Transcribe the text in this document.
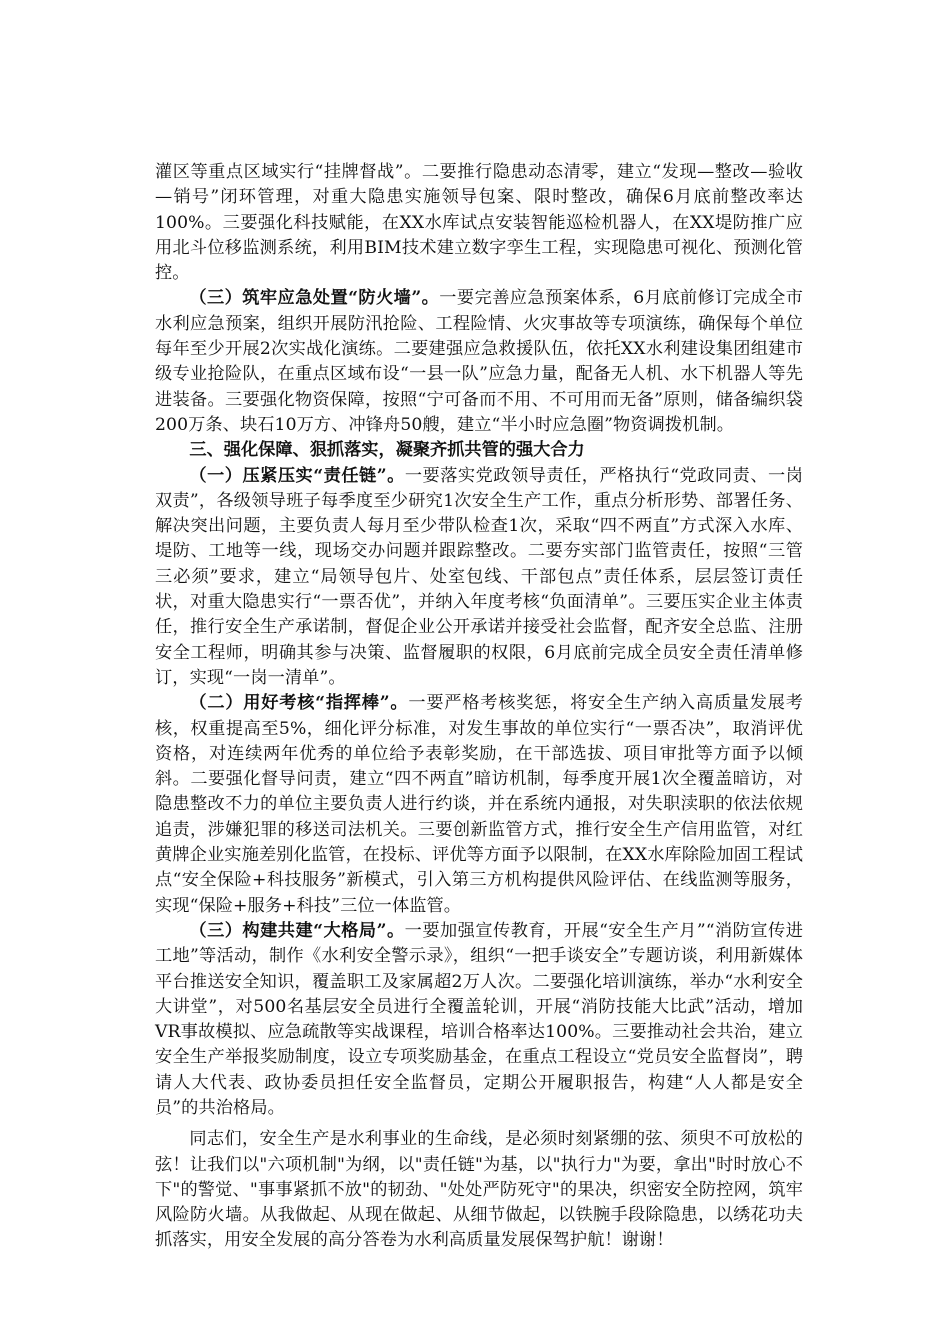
灌区等重点区域实行“挂牌督战”。二要推行隐患动态清零，建立“发现—整改—验收—销号”闭环管理，对重大隐患实施领导包案、限时整改，确保6月底前整改率达100%。三要强化科技赋能，在XX水库试点安装智能巡检机器人，在XX堤防推广应用北斗位移监测系统，利用BIM技术建立数字孪生工程，实现隐患可视化、预测化管控。

（三）筑牢应急处置“防火墙”。一要完善应急预案体系，6月底前修订完成全市水利应急预案，组织开展防汛抢险、工程险情、火灾事故等专项演练，确保每个单位每年至少开展2次实战化演练。二要建强应急救援队伍，依托XX水利建设集团组建市级专业抢险队，在重点区域布设“一县一队”应急力量，配备无人机、水下机器人等先进装备。三要强化物资保障，按照“宁可备而不用、不可用而无备”原则，储备编织袋200万条、块石10万方、冲锋舟50艘，建立“半小时应急圈”物资调拨机制。

三、强化保障、狠抓落实，凝聚齐抓共管的强大合力

（一）压紧压实“责任链”。一要落实党政领导责任，严格执行“党政同责、一岗双责”，各级领导班子每季度至少研究1次安全生产工作，重点分析形势、部署任务、解决突出问题，主要负责人每月至少带队检查1次，采取“四不两直”方式深入水库、堤防、工地等一线，现场交办问题并跟踪整改。二要夯实部门监管责任，按照“三管三必须”要求，建立“局领导包片、处室包线、干部包点”责任体系，层层签订责任状，对重大隐患实行“一票否优”，并纳入年度考核“负面清单”。三要压实企业主体责任，推行安全生产承诺制，督促企业公开承诺并接受社会监督，配齐安全总监、注册安全工程师，明确其参与决策、监督履职的权限，6月底前完成全员安全责任清单修订，实现“一岗一清单”。

（二）用好考核“指挥棒”。一要严格考核奖惩，将安全生产纳入高质量发展考核，权重提高至5%，细化评分标准，对发生事故的单位实行“一票否决”，取消评优资格，对连续两年优秀的单位给予表彰奖励，在干部选拔、项目审批等方面予以倾斜。二要强化督导问责，建立“四不两直”暗访机制，每季度开展1次全覆盖暗访，对隐患整改不力的单位主要负责人进行约谈，并在系统内通报，对失职渎职的依法依规追责，涉嫌犯罪的移送司法机关。三要创新监管方式，推行安全生产信用监管，对红黄牌企业实施差别化监管，在投标、评优等方面予以限制，在XX水库除险加固工程试点“安全保险+科技服务”新模式，引入第三方机构提供风险评估、在线监测等服务，实现“保险+服务+科技”三位一体监管。

（三）构建共建“大格局”。一要加强宣传教育，开展“安全生产月”“消防宣传进工地”等活动，制作《水利安全警示录》，组织“一把手谈安全”专题访谈，利用新媒体平台推送安全知识，覆盖职工及家属超2万人次。二要强化培训演练，举办“水利安全大讲堂”，对500名基层安全员进行全覆盖轮训，开展“消防技能大比武”活动，增加VR事故模拟、应急疏散等实战课程，培训合格率达100%。三要推动社会共治，建立安全生产举报奖励制度，设立专项奖励基金，在重点工程设立“党员安全监督岗”，聘请人大代表、政协委员担任安全监督员，定期公开履职报告，构建“人人都是安全员”的共治格局。

同志们，安全生产是水利事业的生命线，是必须时刻紧绷的弦、须臾不可放松的弦！让我们以"六项机制"为纲，以"责任链"为基，以"执行力"为要，拿出"时时放心不下"的警觉、"事事紧抓不放"的韧劲、"处处严防死守"的果决，织密安全防控网，筑牢风险防火墙。从我做起、从现在做起、从细节做起，以铁腕手段除隐患，以绣花功夫抓落实，用安全发展的高分答卷为水利高质量发展保驾护航！谢谢！
